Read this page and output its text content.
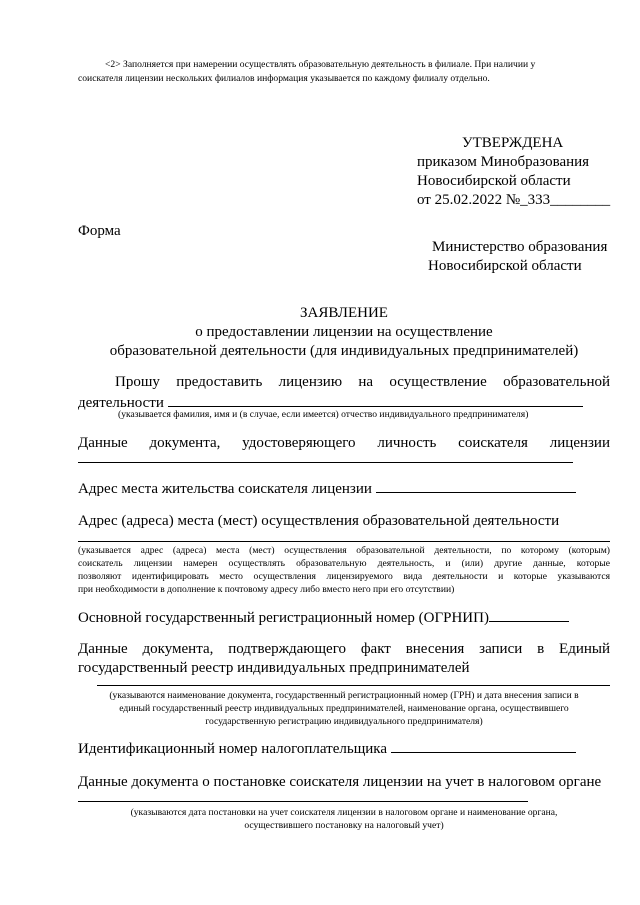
<2> Заполняется при намерении осуществлять образовательную деятельность в филиале. При наличии у

соискателя лицензии нескольких филиалов информация указывается по каждому филиалу отдельно.

УТВЕРЖДЕНА
приказом Минобразования
Новосибирской области
от 25.02.2022 №_333________

Форма

Министерство образования
Новосибирской области
ЗАЯВЛЕНИЕ
о предоставлении лицензии на осуществление
образовательной деятельности (для индивидуальных предпринимателей)
Прошу предоставить лицензию на осуществление образовательной
деятельности

(указывается фамилия, имя и (в случае, если имеется) отчество индивидуального предпринимателя)

Данные документа, удостоверяющего личность соискателя лицензии
Адрес места жительства соискателя лицензии

Адрес (адреса) места (мест) осуществления образовательной деятельности

(указывается адрес (адреса) места (мест) осуществления образовательной деятельности, по которому (которым)
соискатель лицензии намерен осуществлять образовательную деятельность, и (или) другие данные, которые
позволяют идентифицировать место осуществления лицензируемого вида деятельности и которые указываются
при необходимости в дополнение к почтовому адресу либо вместо него при его отсутствии)
Основной государственный регистрационный номер (ОГРНИП)
Данные документа, подтверждающего факт внесения записи в Единый

государственный реестр индивидуальных предпринимателей

(указываются наименование документа, государственный регистрационный номер (ГРН) и дата внесения записи в
единый государственный реестр индивидуальных предпринимателей, наименование органа, осуществившего
государственную регистрацию индивидуального предпринимателя)
Идентификационный номер налогоплательщика

Данные документа о постановке соискателя лицензии на учет в налоговом органе

(указываются дата постановки на учет соискателя лицензии в налоговом органе и наименование органа,
осуществившего постановку на налоговый учет)
